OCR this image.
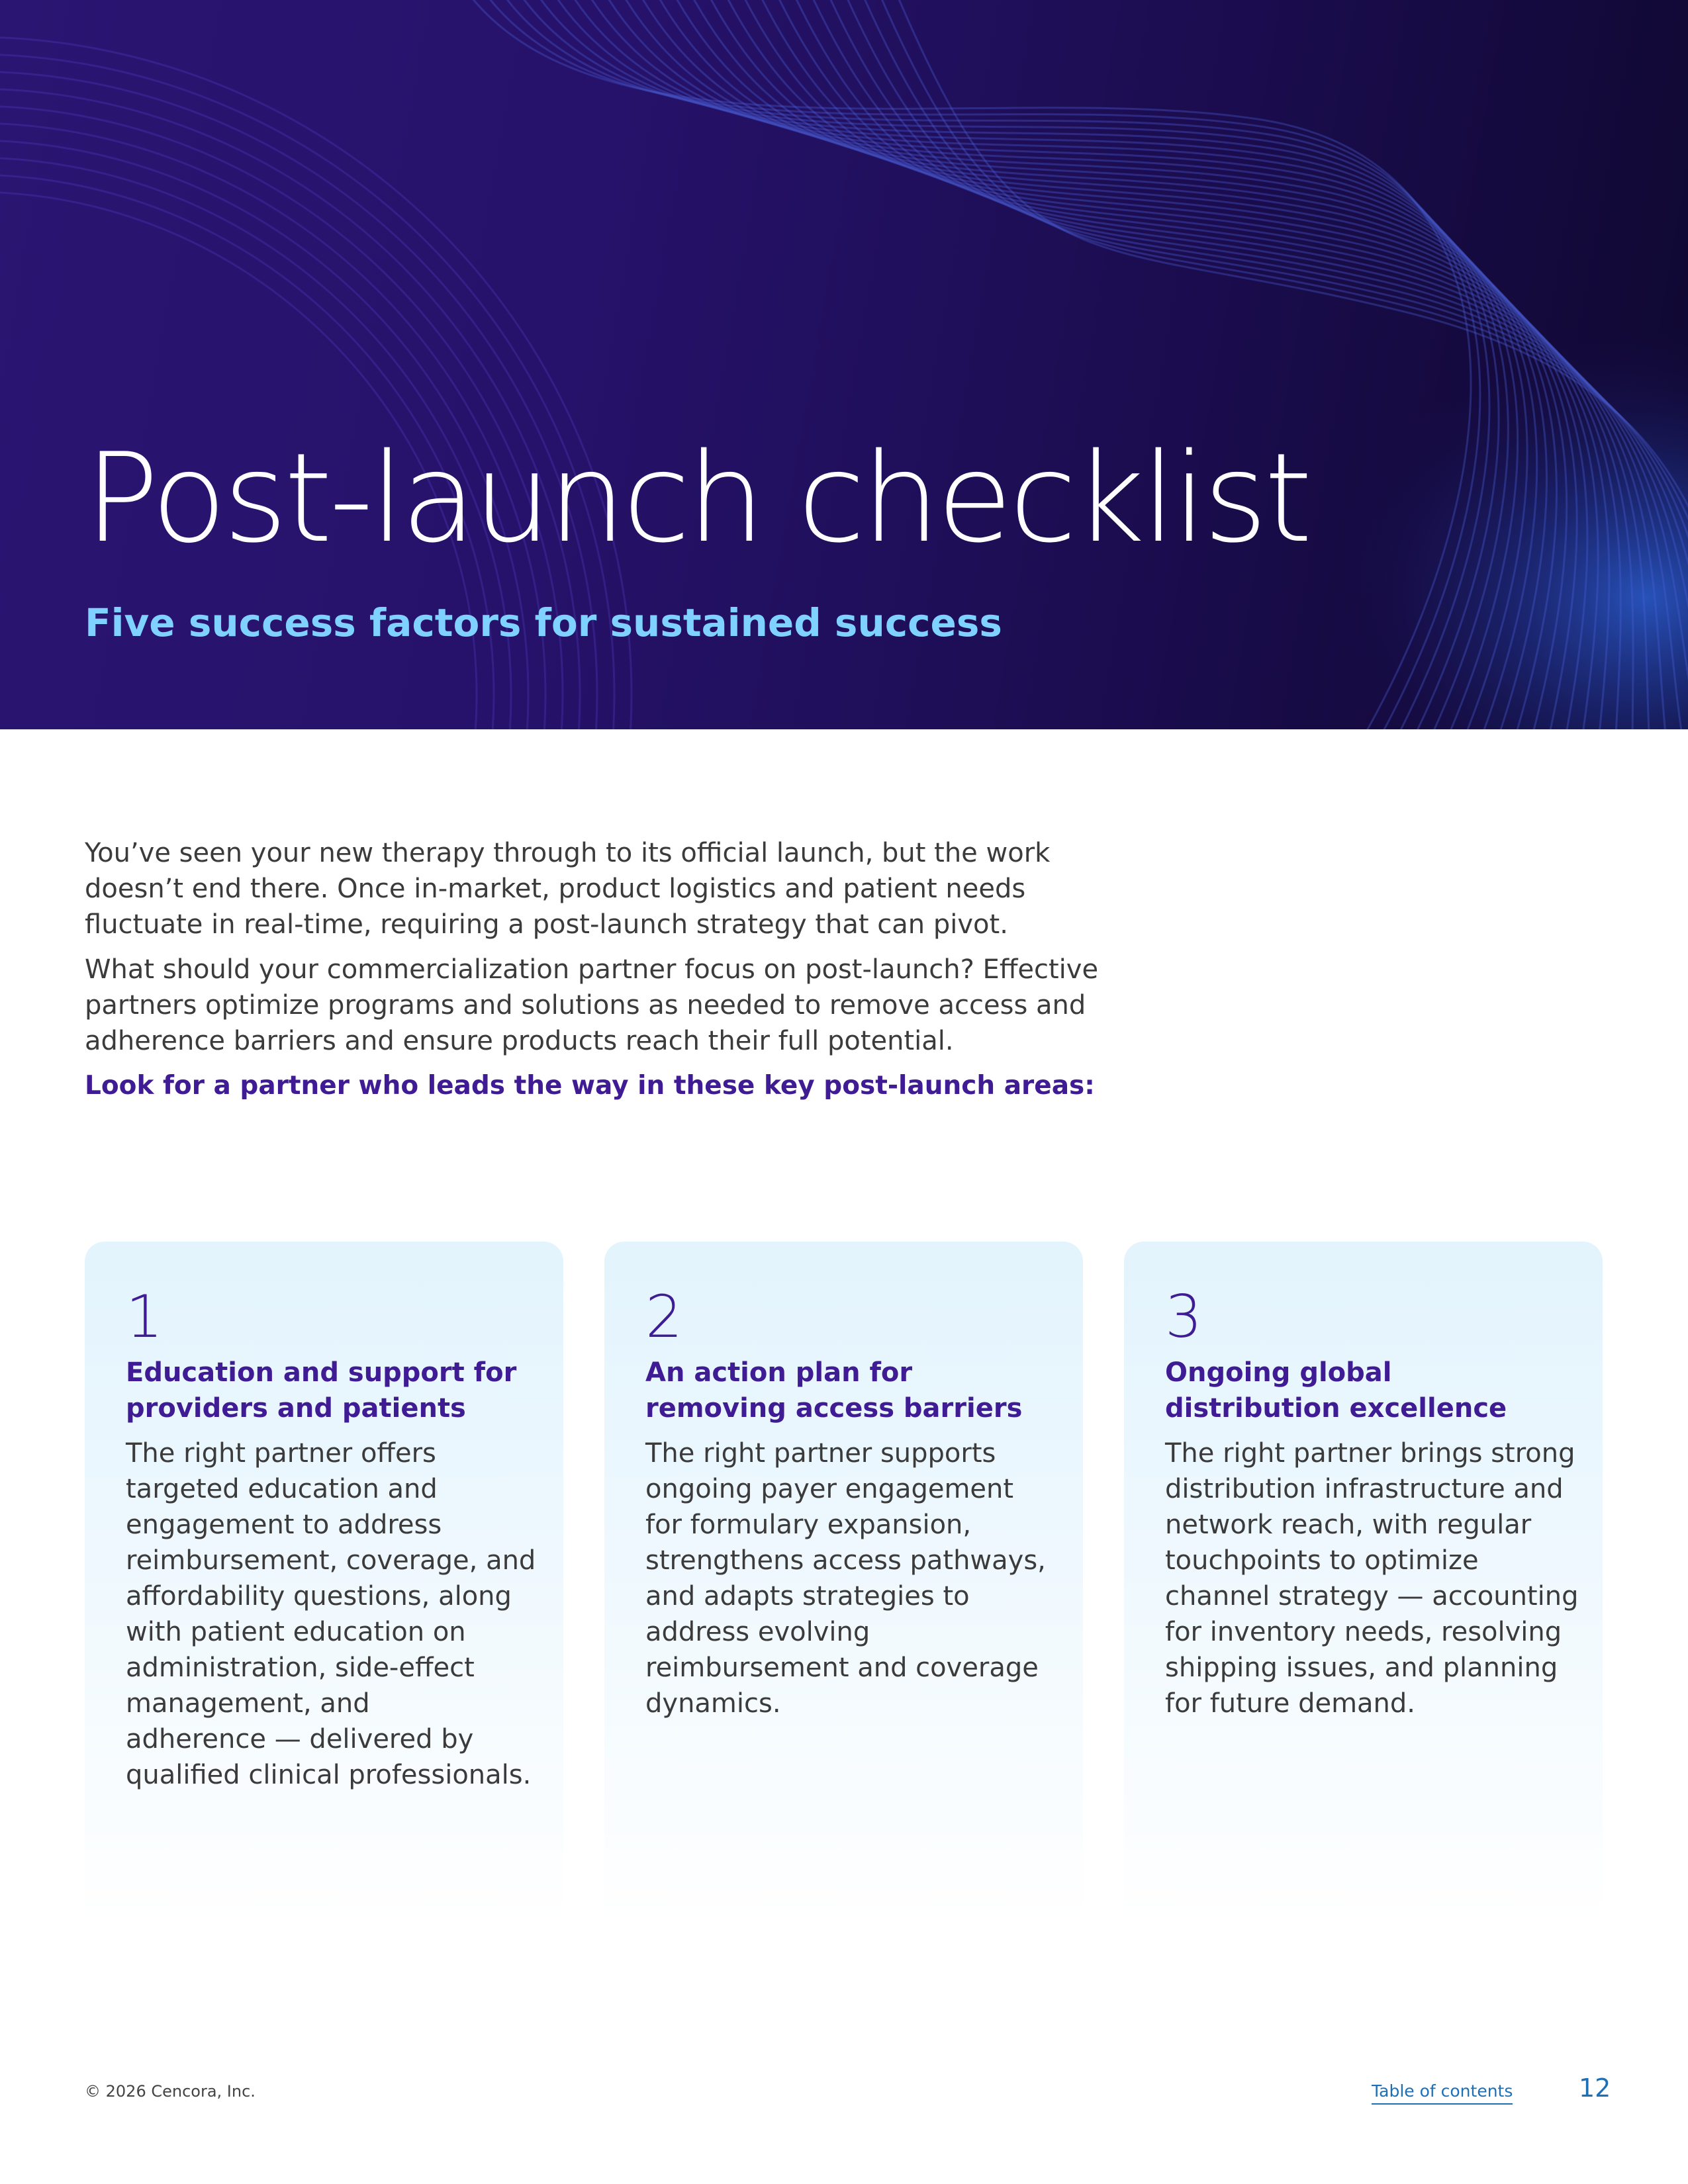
Post-launch checklist
Five success factors for sustained success

You’ve seen your new therapy through to its official launch, but the work doesn’t end there. Once in-market, product logistics and patient needs fluctuate in real-time, requiring a post-launch strategy that can pivot.

What should your commercialization partner focus on post-launch? Effective partners optimize programs and solutions as needed to remove access and adherence barriers and ensure products reach their full potential.

Look for a partner who leads the way in these key post-launch areas:

1
Education and support for
providers and patients
The right partner offers
targeted education and
engagement to address
reimbursement, coverage, and
affordability questions, along
with patient education on
administration, side-effect
management, and
adherence — delivered by
qualified clinical professionals.
2
An action plan for
removing access barriers
The right partner supports
ongoing payer engagement
for formulary expansion,
strengthens access pathways,
and adapts strategies to
address evolving
reimbursement and coverage
dynamics.
3
Ongoing global
distribution excellence
The right partner brings strong
distribution infrastructure and
network reach, with regular
touchpoints to optimize
channel strategy — accounting
for inventory needs, resolving
shipping issues, and planning
for future demand.
© 2026 Cencora, Inc.	Table of contents	12
